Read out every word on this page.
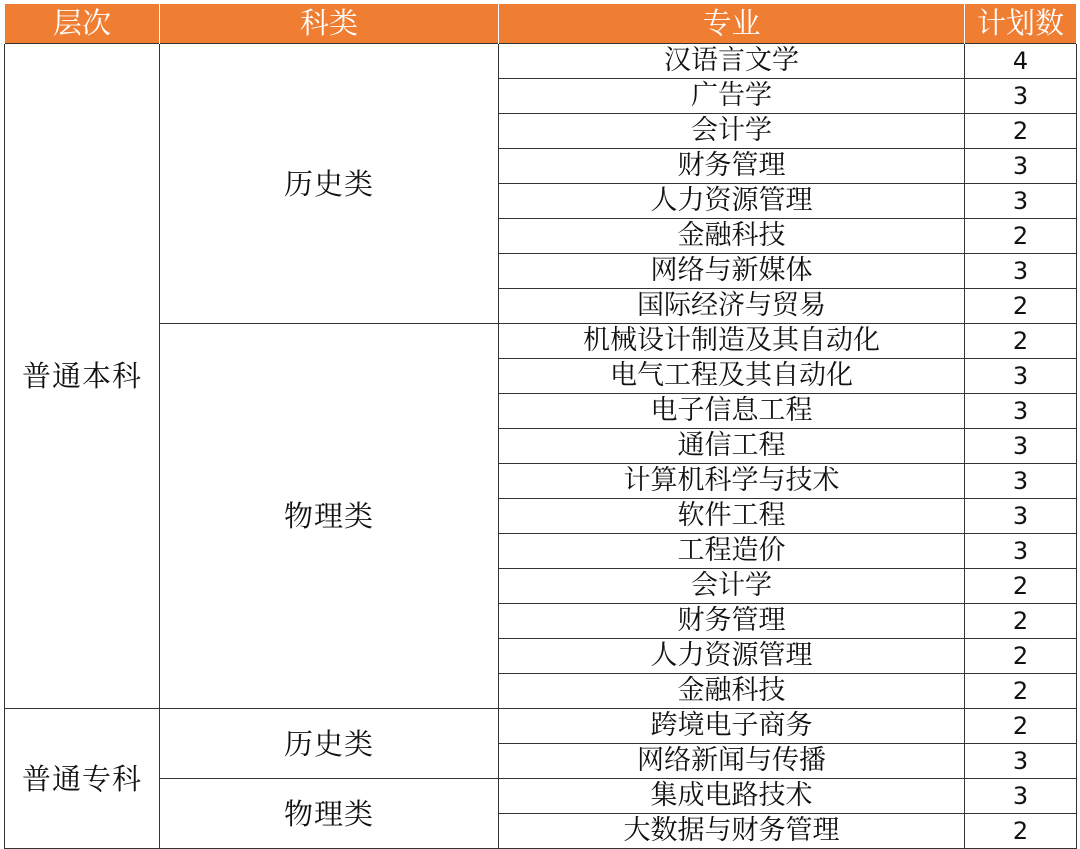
层次	科类	专业	计划数
普通本科	历史类	汉语言文学	4
		广告学	3
		会计学	2
		财务管理	3
		人力资源管理	3
		金融科技	2
		网络与新媒体	3
		国际经济与贸易	2
	物理类	机械设计制造及其自动化	2
		电气工程及其自动化	3
		电子信息工程	3
		通信工程	3
		计算机科学与技术	3
		软件工程	3
		工程造价	3
		会计学	2
		财务管理	2
		人力资源管理	2
		金融科技	2
普通专科	历史类	跨境电子商务	2
		网络新闻与传播	3
	物理类	集成电路技术	3
		大数据与财务管理	2
